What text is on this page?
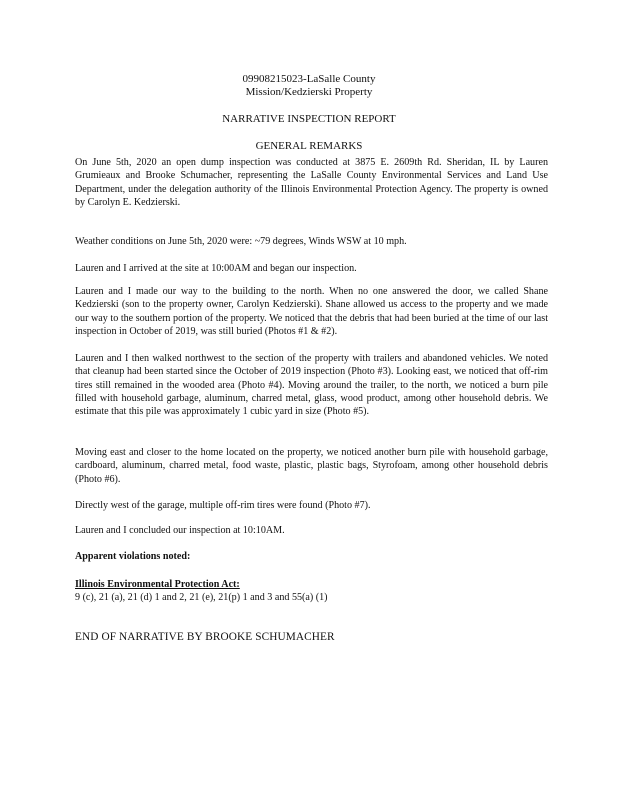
09908215023-LaSalle County
Mission/Kedzierski Property
NARRATIVE INSPECTION REPORT
GENERAL REMARKS

On June 5th, 2020 an open dump inspection was conducted at 3875 E. 2609th Rd. Sheridan, IL by Lauren Grumieaux and Brooke Schumacher, representing the LaSalle County Environmental Services and Land Use Department, under the delegation authority of the Illinois Environmental Protection Agency. The property is owned by Carolyn E. Kedzierski.

Weather conditions on June 5th, 2020 were: ~79 degrees, Winds WSW at 10 mph.

Lauren and I arrived at the site at 10:00AM and began our inspection.

Lauren and I made our way to the building to the north. When no one answered the door, we called Shane Kedzierski (son to the property owner, Carolyn Kedzierski). Shane allowed us access to the property and we made our way to the southern portion of the property. We noticed that the debris that had been buried at the time of our last inspection in October of 2019, was still buried (Photos #1 & #2).

Lauren and I then walked northwest to the section of the property with trailers and abandoned vehicles. We noted that cleanup had been started since the October of 2019 inspection (Photo #3). Looking east, we noticed that off-rim tires still remained in the wooded area (Photo #4). Moving around the trailer, to the north, we noticed a burn pile filled with household garbage, aluminum, charred metal, glass, wood product, among other household debris. We estimate that this pile was approximately 1 cubic yard in size (Photo #5).

Moving east and closer to the home located on the property, we noticed another burn pile with household garbage, cardboard, aluminum, charred metal, food waste, plastic, plastic bags, Styrofoam, among other household debris (Photo #6).

Directly west of the garage, multiple off-rim tires were found (Photo #7).

Lauren and I concluded our inspection at 10:10AM.

Apparent violations noted:

Illinois Environmental Protection Act:

9 (c), 21 (a), 21 (d) 1 and 2, 21 (e), 21(p) 1 and 3 and 55(a) (1)

END OF NARRATIVE BY BROOKE SCHUMACHER
